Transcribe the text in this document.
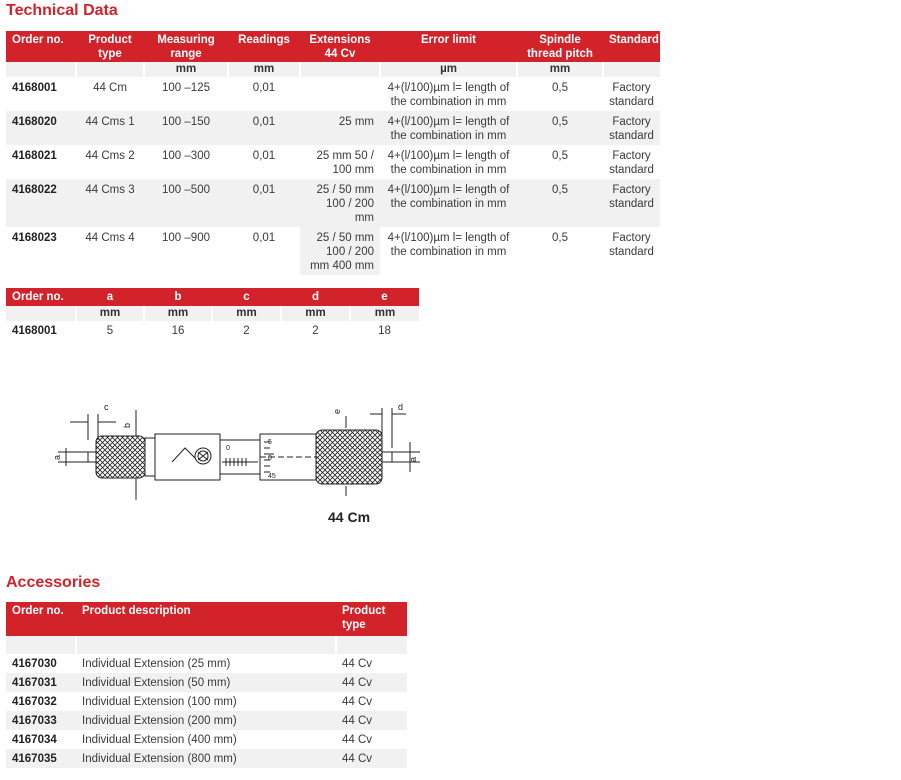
Technical Data
Order no.	Product type	Measuring range	Readings	Extensions 44 Cv	Error limit	Spindle thread pitch	Standard
		mm	mm		µm	mm	
4168001	44 Cm	100 –125	0,01		4+(l/100)µm l= length of the combination in mm	0,5	Factory standard
4168020	44 Cms 1	100 –150	0,01	25 mm	4+(l/100)µm l= length of the combination in mm	0,5	Factory standard
4168021	44 Cms 2	100 –300	0,01	25 mm 50 / 100 mm	4+(l/100)µm l= length of the combination in mm	0,5	Factory standard
4168022	44 Cms 3	100 –500	0,01	25 / 50 mm 100 / 200 mm	4+(l/100)µm l= length of the combination in mm	0,5	Factory standard
4168023	44 Cms 4	100 –900	0,01	25 / 50 mm 100 / 200 mm 400 mm	4+(l/100)µm l= length of the combination in mm	0,5	Factory standard
Order no.	a	b	c	d	e
	mm	mm	mm	mm	mm
4168001	5	16	2	2	18
c
b
a
e	d
a
0
5
0
45
44 Cm
Accessories
Order no.	Product description	Product type

4167030	Individual Extension (25 mm)	44 Cv
4167031	Individual Extension (50 mm)	44 Cv
4167032	Individual Extension (100 mm)	44 Cv
4167033	Individual Extension (200 mm)	44 Cv
4167034	Individual Extension (400 mm)	44 Cv
4167035	Individual Extension (800 mm)	44 Cv
